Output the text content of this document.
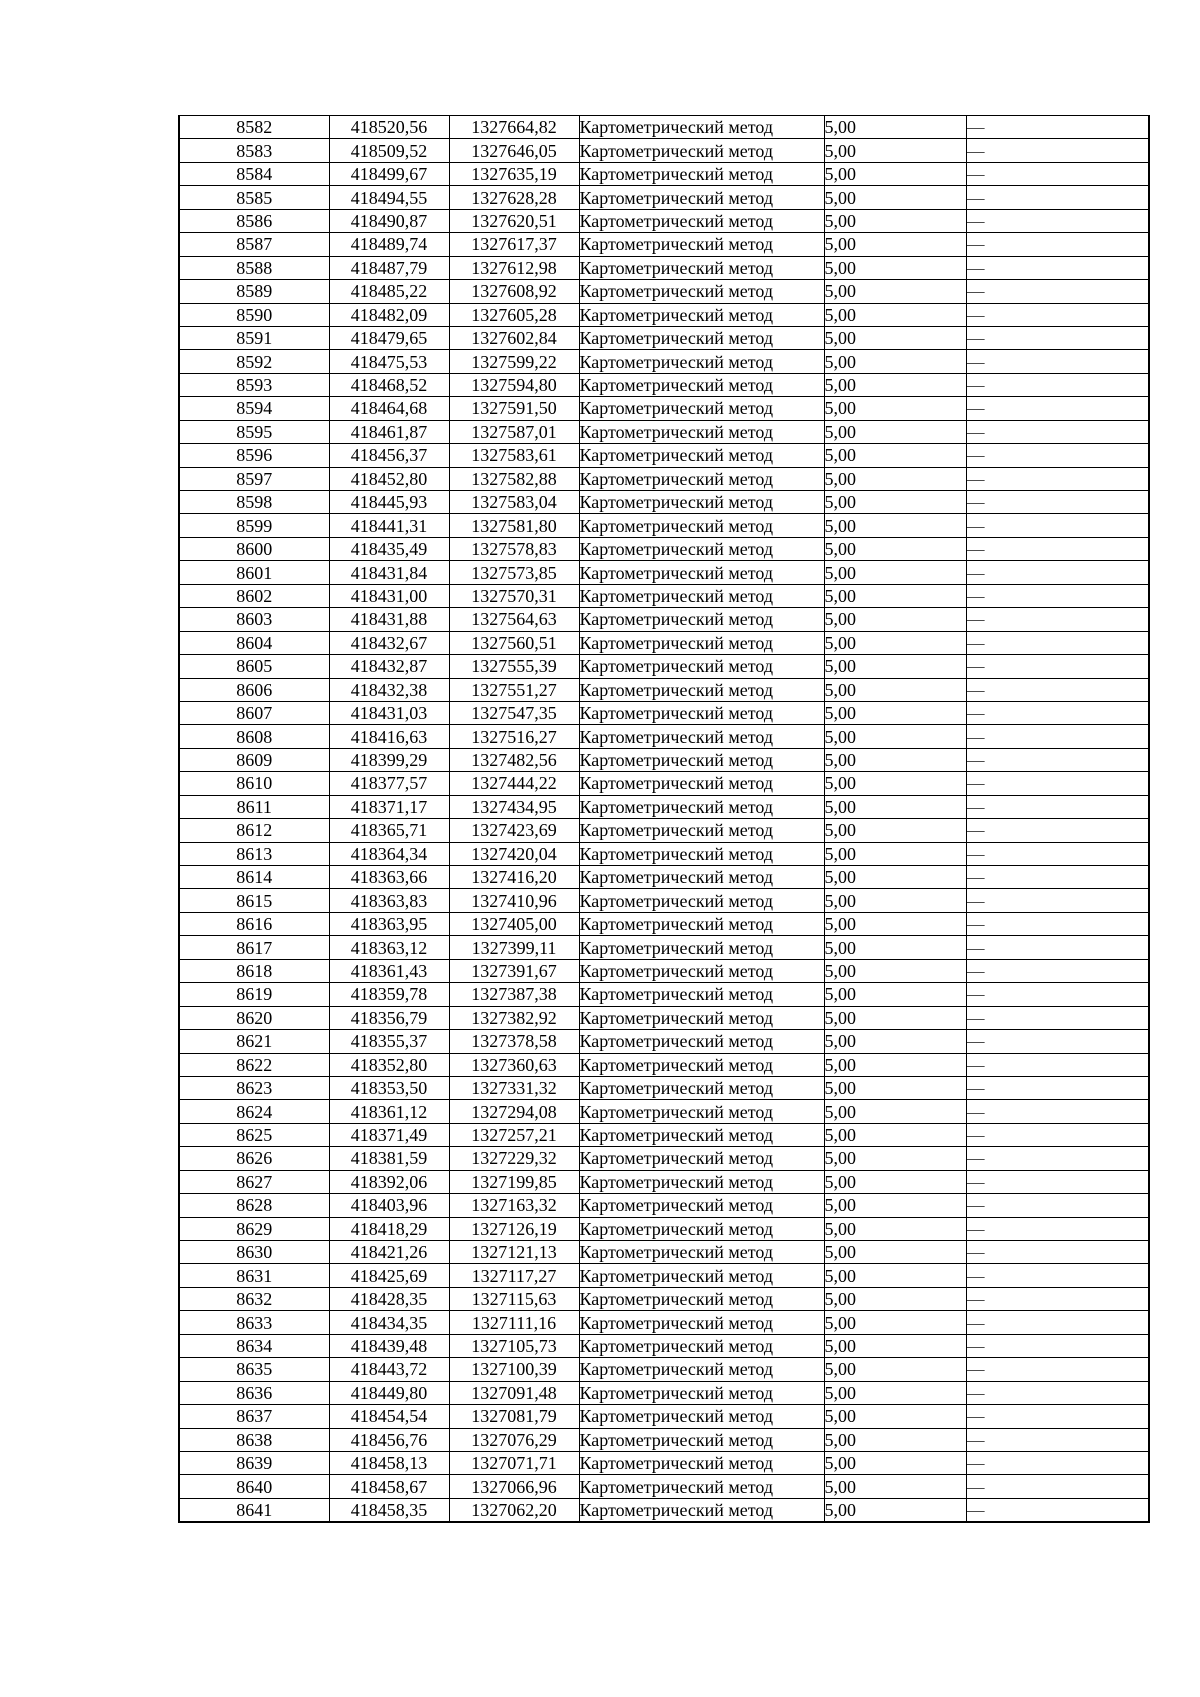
8582	418520,56	1327664,82	Картометрический метод	5,00	—
8583	418509,52	1327646,05	Картометрический метод	5,00	—
8584	418499,67	1327635,19	Картометрический метод	5,00	—
8585	418494,55	1327628,28	Картометрический метод	5,00	—
8586	418490,87	1327620,51	Картометрический метод	5,00	—
8587	418489,74	1327617,37	Картометрический метод	5,00	—
8588	418487,79	1327612,98	Картометрический метод	5,00	—
8589	418485,22	1327608,92	Картометрический метод	5,00	—
8590	418482,09	1327605,28	Картометрический метод	5,00	—
8591	418479,65	1327602,84	Картометрический метод	5,00	—
8592	418475,53	1327599,22	Картометрический метод	5,00	—
8593	418468,52	1327594,80	Картометрический метод	5,00	—
8594	418464,68	1327591,50	Картометрический метод	5,00	—
8595	418461,87	1327587,01	Картометрический метод	5,00	—
8596	418456,37	1327583,61	Картометрический метод	5,00	—
8597	418452,80	1327582,88	Картометрический метод	5,00	—
8598	418445,93	1327583,04	Картометрический метод	5,00	—
8599	418441,31	1327581,80	Картометрический метод	5,00	—
8600	418435,49	1327578,83	Картометрический метод	5,00	—
8601	418431,84	1327573,85	Картометрический метод	5,00	—
8602	418431,00	1327570,31	Картометрический метод	5,00	—
8603	418431,88	1327564,63	Картометрический метод	5,00	—
8604	418432,67	1327560,51	Картометрический метод	5,00	—
8605	418432,87	1327555,39	Картометрический метод	5,00	—
8606	418432,38	1327551,27	Картометрический метод	5,00	—
8607	418431,03	1327547,35	Картометрический метод	5,00	—
8608	418416,63	1327516,27	Картометрический метод	5,00	—
8609	418399,29	1327482,56	Картометрический метод	5,00	—
8610	418377,57	1327444,22	Картометрический метод	5,00	—
8611	418371,17	1327434,95	Картометрический метод	5,00	—
8612	418365,71	1327423,69	Картометрический метод	5,00	—
8613	418364,34	1327420,04	Картометрический метод	5,00	—
8614	418363,66	1327416,20	Картометрический метод	5,00	—
8615	418363,83	1327410,96	Картометрический метод	5,00	—
8616	418363,95	1327405,00	Картометрический метод	5,00	—
8617	418363,12	1327399,11	Картометрический метод	5,00	—
8618	418361,43	1327391,67	Картометрический метод	5,00	—
8619	418359,78	1327387,38	Картометрический метод	5,00	—
8620	418356,79	1327382,92	Картометрический метод	5,00	—
8621	418355,37	1327378,58	Картометрический метод	5,00	—
8622	418352,80	1327360,63	Картометрический метод	5,00	—
8623	418353,50	1327331,32	Картометрический метод	5,00	—
8624	418361,12	1327294,08	Картометрический метод	5,00	—
8625	418371,49	1327257,21	Картометрический метод	5,00	—
8626	418381,59	1327229,32	Картометрический метод	5,00	—
8627	418392,06	1327199,85	Картометрический метод	5,00	—
8628	418403,96	1327163,32	Картометрический метод	5,00	—
8629	418418,29	1327126,19	Картометрический метод	5,00	—
8630	418421,26	1327121,13	Картометрический метод	5,00	—
8631	418425,69	1327117,27	Картометрический метод	5,00	—
8632	418428,35	1327115,63	Картометрический метод	5,00	—
8633	418434,35	1327111,16	Картометрический метод	5,00	—
8634	418439,48	1327105,73	Картометрический метод	5,00	—
8635	418443,72	1327100,39	Картометрический метод	5,00	—
8636	418449,80	1327091,48	Картометрический метод	5,00	—
8637	418454,54	1327081,79	Картометрический метод	5,00	—
8638	418456,76	1327076,29	Картометрический метод	5,00	—
8639	418458,13	1327071,71	Картометрический метод	5,00	—
8640	418458,67	1327066,96	Картометрический метод	5,00	—
8641	418458,35	1327062,20	Картометрический метод	5,00	—
